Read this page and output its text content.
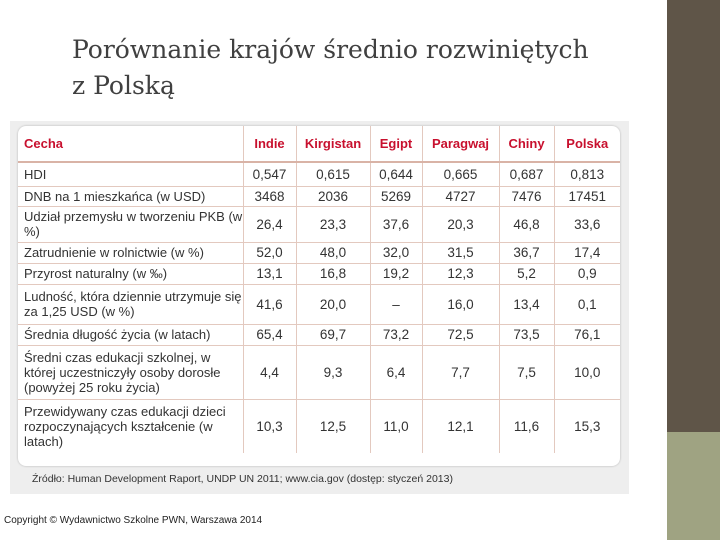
Porównanie krajów średnio rozwiniętych
z Polską
Cecha	Indie	Kirgistan	Egipt	Paragwaj	Chiny	Polska
HDI	0,547	0,615	0,644	0,665	0,687	0,813
DNB na 1 mieszkańca (w USD)	3468	2036	5269	4727	7476	17451
Udział przemysłu w tworzeniu PKB (w %)	26,4	23,3	37,6	20,3	46,8	33,6
Zatrudnienie w rolnictwie (w %)	52,0	48,0	32,0	31,5	36,7	17,4
Przyrost naturalny (w ‰)	13,1	16,8	19,2	12,3	5,2	0,9
Ludność, która dziennie utrzymuje się za 1,25 USD (w %)	41,6	20,0	–	16,0	13,4	0,1
Średnia długość życia (w latach)	65,4	69,7	73,2	72,5	73,5	76,1
Średni czas edukacji szkolnej, w której uczestniczyły osoby dorosłe (powyżej 25 roku życia)	4,4	9,3	6,4	7,7	7,5	10,0
Przewidywany czas edukacji dzieci rozpoczynających kształcenie (w latach)	10,3	12,5	11,0	12,1	11,6	15,3
Źródło: Human Development Raport, UNDP UN 2011; www.cia.gov (dostęp: styczeń 2013)
Copyright © Wydawnictwo Szkolne PWN, Warszawa 2014
